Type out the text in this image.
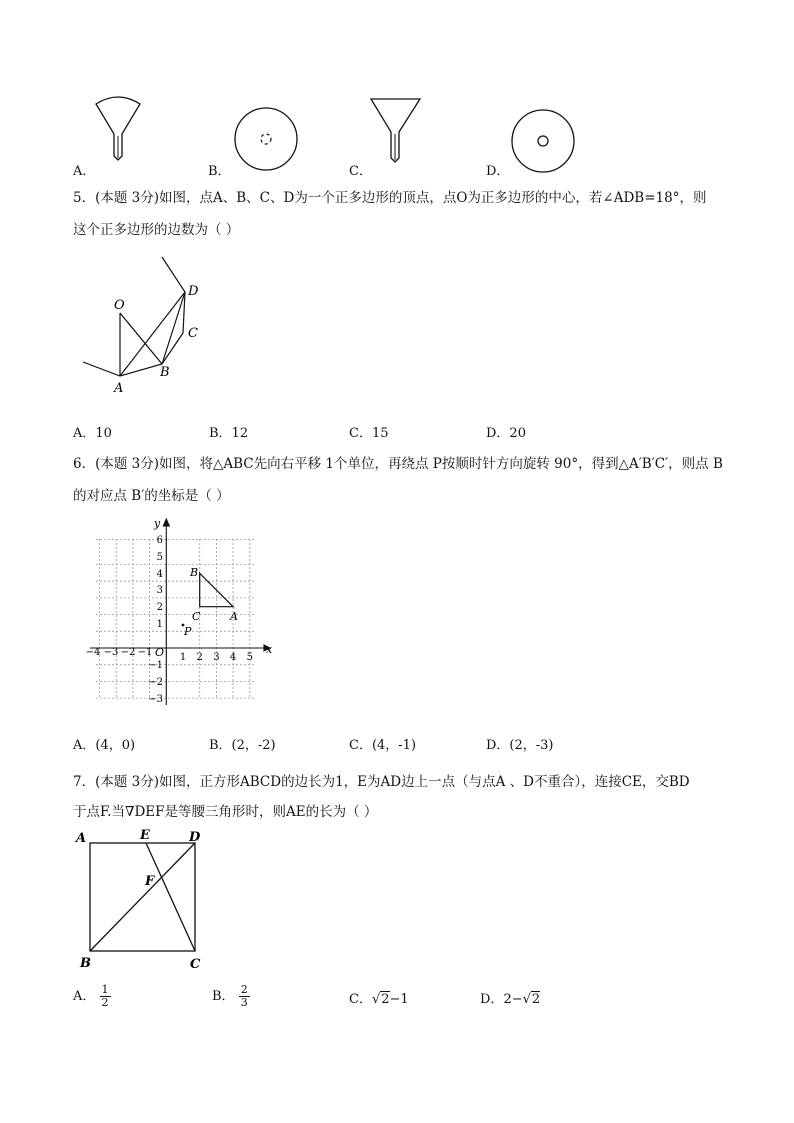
A．	B．	C．	D．
5．(本题 3分)如图，点A、B、C、D为一个正多边形的顶点，点O为正多边形的中心，若∠ADB=18°，则
这个正多边形的边数为（ ）
O
A
B
C
D
A．10	B．12	C．15	D．20
6．(本题 3分)如图，将△ABC先向右平移 1个单位，再绕点 P按顺时针方向旋转 90°，得到△A′B′C′，则点 B
的对应点 B′的坐标是（ ）
y
x
O
B
C	A
P
−4 −3 −2 −1	1 2 3 4 5
6
5
4
3
2
1
−1
−2
−3
A．(4，0)	B．(2，-2)	C．(4，-1)	D．(2，-3)
7．(本题 3分)如图，正方形ABCD的边长为1，E为AD边上一点（与点A 、D不重合），连接CE，交BD
于点F.当∇DEF是等腰三角形时，则AE的长为（ ）
A	E	D
F
B	C
A． $\frac{1}{2}$	B． $\frac{2}{3}$	C．√2−1	D．2−√2
